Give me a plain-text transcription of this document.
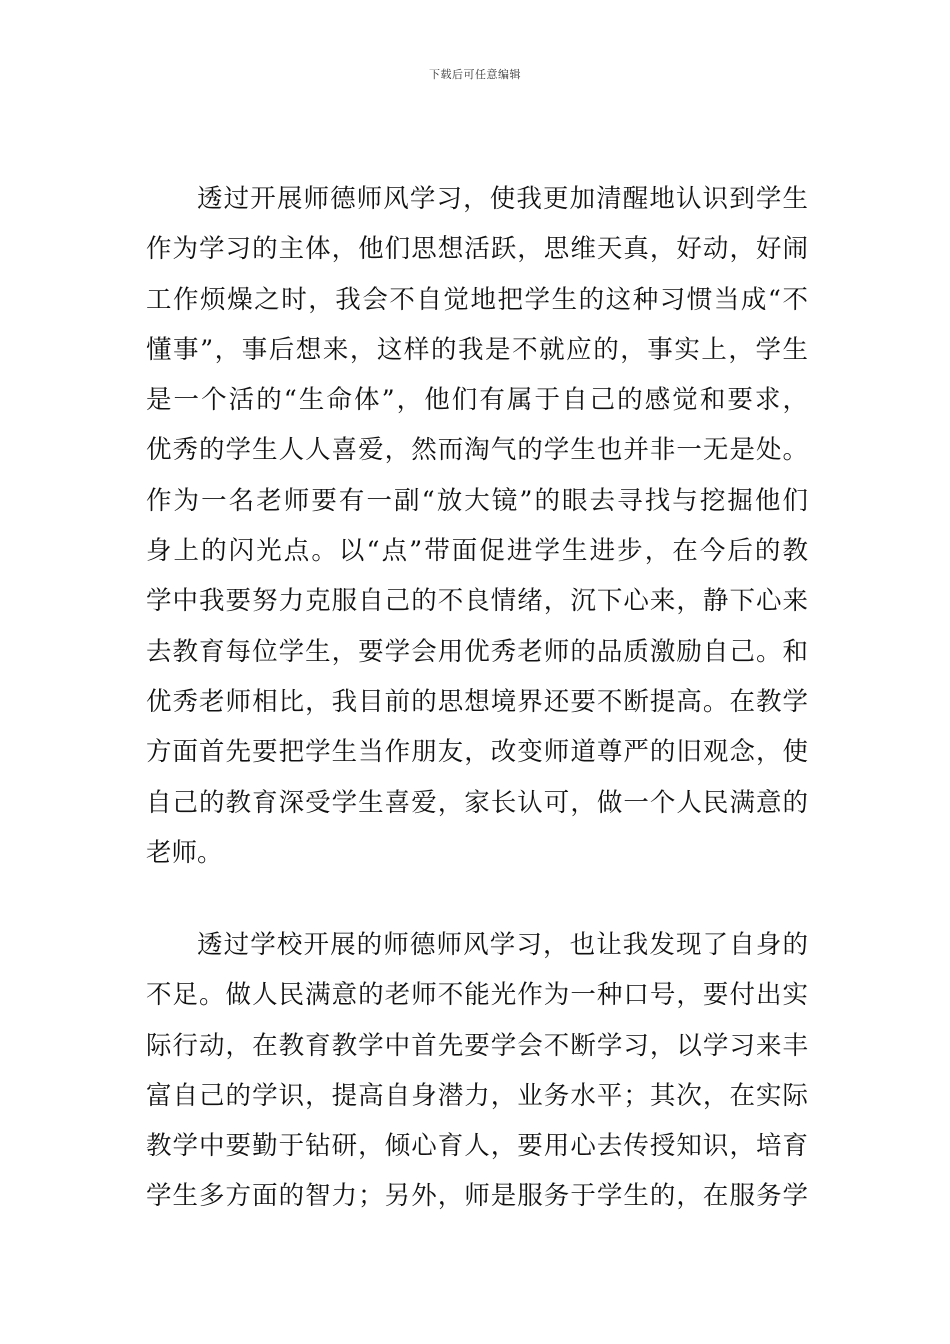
下载后可任意编辑
透过开展师德师风学习，使我更加清醒地认识到学生
作为学习的主体，他们思想活跃，思维天真，好动，好闹
工作烦燥之时，我会不自觉地把学生的这种习惯当成“不
懂事”，事后想来，这样的我是不就应的，事实上，学生
是一个活的“生命体”，他们有属于自己的感觉和要求，
优秀的学生人人喜爱，然而淘气的学生也并非一无是处。
作为一名老师要有一副“放大镜”的眼去寻找与挖掘他们
身上的闪光点。以“点”带面促进学生进步，在今后的教
学中我要努力克服自己的不良情绪，沉下心来，静下心来
去教育每位学生，要学会用优秀老师的品质激励自己。和
优秀老师相比，我目前的思想境界还要不断提高。在教学
方面首先要把学生当作朋友，改变师道尊严的旧观念，使
自己的教育深受学生喜爱，家长认可，做一个人民满意的
老师。
透过学校开展的师德师风学习，也让我发现了自身的
不足。做人民满意的老师不能光作为一种口号，要付出实
际行动，在教育教学中首先要学会不断学习，以学习来丰
富自己的学识，提高自身潜力，业务水平；其次，在实际
教学中要勤于钻研，倾心育人，要用心去传授知识，培育
学生多方面的智力；另外，师是服务于学生的，在服务学
